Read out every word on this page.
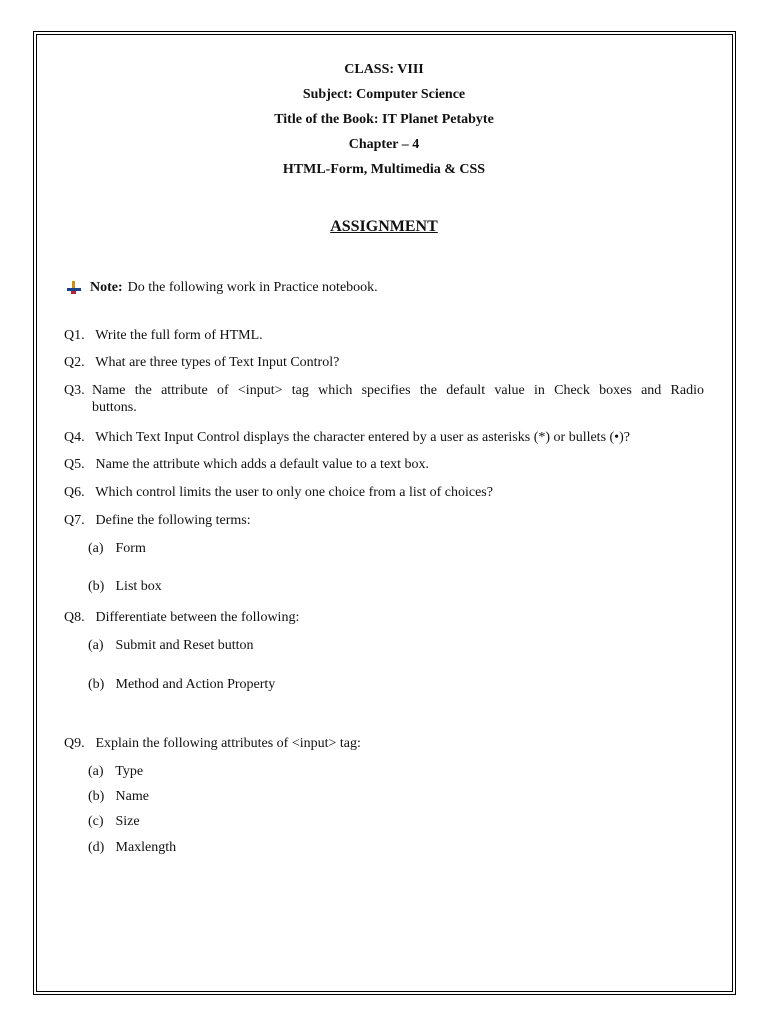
CLASS: VIII
Subject: Computer Science
Title of the Book: IT Planet Petabyte
Chapter – 4
HTML-Form, Multimedia & CSS
ASSIGNMENT
Note: Do the following work in Practice notebook.
Q1. Write the full form of HTML.
Q2. What are three types of Text Input Control?
Q3. Name the attribute of <input> tag which specifies the default value in Check boxes and Radio
buttons.
Q4. Which Text Input Control displays the character entered by a user as asterisks (*) or bullets (•)?
Q5. Name the attribute which adds a default value to a text box.
Q6. Which control limits the user to only one choice from a list of choices?
Q7. Define the following terms:
(a) Form
(b) List box
Q8. Differentiate between the following:
(a) Submit and Reset button
(b) Method and Action Property
Q9. Explain the following attributes of <input> tag:
(a) Type
(b) Name
(c) Size
(d) Maxlength
